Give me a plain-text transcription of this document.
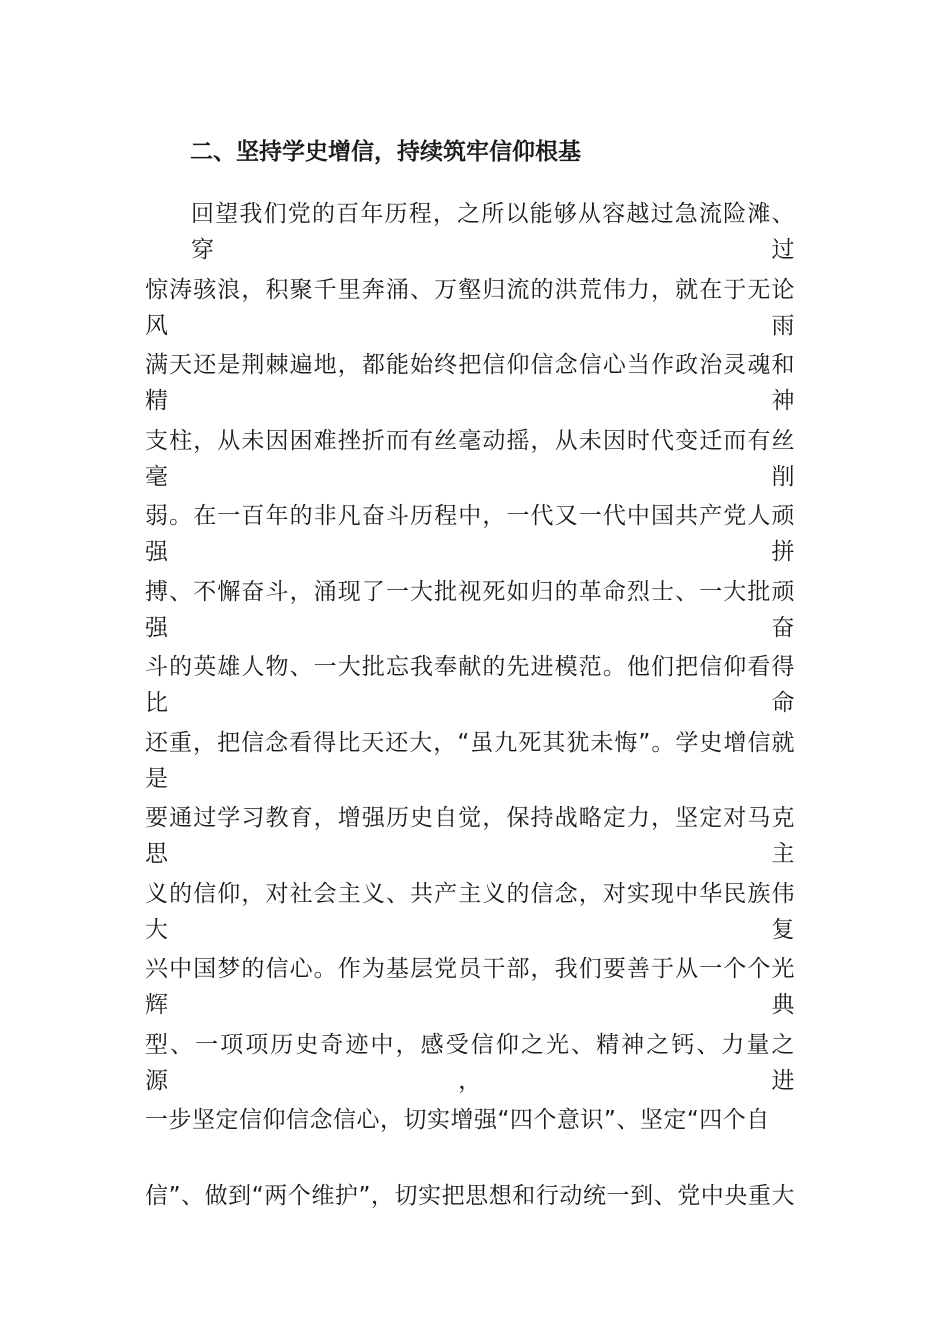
二、坚持学史增信，持续筑牢信仰根基
回望我们党的百年历程，之所以能够从容越过急流险滩、穿过
惊涛骇浪，积聚千里奔涌、万壑归流的洪荒伟力，就在于无论风雨
满天还是荆棘遍地，都能始终把信仰信念信心当作政治灵魂和精神
支柱，从未因困难挫折而有丝毫动摇，从未因时代变迁而有丝毫削
弱。在一百年的非凡奋斗历程中，一代又一代中国共产党人顽强拼
搏、不懈奋斗，涌现了一大批视死如归的革命烈士、一大批顽强奋
斗的英雄人物、一大批忘我奉献的先进模范。他们把信仰看得比命
还重，把信念看得比天还大，“虽九死其犹未悔”。学史增信就是
要通过学习教育，增强历史自觉，保持战略定力，坚定对马克思主
义的信仰，对社会主义、共产主义的信念，对实现中华民族伟大复
兴中国梦的信心。作为基层党员干部，我们要善于从一个个光辉典
型、一项项历史奇迹中，感受信仰之光、精神之钙、力量之源，进
一步坚定信仰信念信心，切实增强“四个意识”、坚定“四个自
信”、做到“两个维护”，切实把思想和行动统一到、党中央重大
